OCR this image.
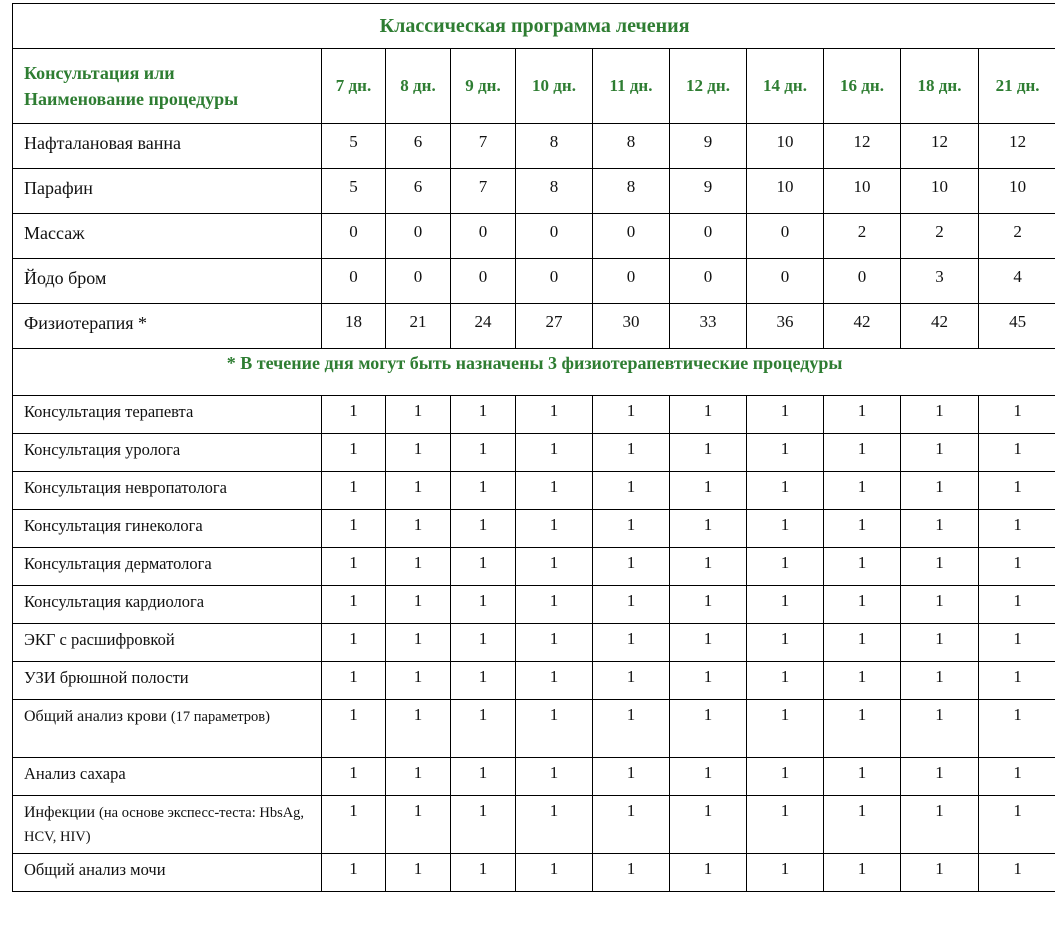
Классическая программа лечения										
Консультация или
Наименование процедуры	7 дн.	8 дн.	9 дн.	10 дн.	11 дн.	12 дн.	14 дн.	16 дн.	18 дн.	21 дн.
Нафталановая ванна	5	6	7	8	8	9	10	12	12	12
Парафин	5	6	7	8	8	9	10	10	10	10
Массаж	0	0	0	0	0	0	0	2	2	2
Йодо бром	0	0	0	0	0	0	0	0	3	4
Физиотерапия *	18	21	24	27	30	33	36	42	42	45
* В течение дня могут быть назначены 3 физиотерапевтические процедуры										
Консультация терапевта	1	1	1	1	1	1	1	1	1	1
Консультация уролога	1	1	1	1	1	1	1	1	1	1
Консультация невропатолога	1	1	1	1	1	1	1	1	1	1
Консультация гинеколога	1	1	1	1	1	1	1	1	1	1
Консультация дерматолога	1	1	1	1	1	1	1	1	1	1
Консультация кардиолога	1	1	1	1	1	1	1	1	1	1
ЭКГ с расшифровкой	1	1	1	1	1	1	1	1	1	1
УЗИ брюшной полости	1	1	1	1	1	1	1	1	1	1
Общий анализ крови (17 параметров)	1	1	1	1	1	1	1	1	1	1
Анализ сахара	1	1	1	1	1	1	1	1	1	1
Инфекции (на основе экспесс-теста: HbsAg, HCV, HIV)	1	1	1	1	1	1	1	1	1	1
Общий анализ мочи	1	1	1	1	1	1	1	1	1	1
